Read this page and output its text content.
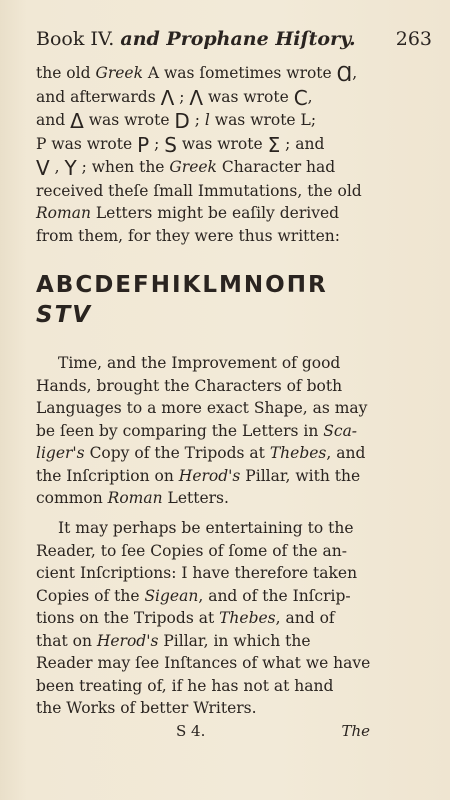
Book IV. and Prophane Hiſtory. 263
the old Greek A was ſometimes wrote Ɑ,
and afterwards Λ ; Λ was wrote C,
and Δ was wrote D ; l was wrote L;
P was wrote P ; S was wrote Σ ; and
V , Y ; when the Greek Character had
received theſe ſmall Immutations, the old
Roman Letters might be eaſily derived
from them, for they were thus written:
ABCDEFHIKLMNOΠR
STV
Time, and the Improvement of good
Hands, brought the Characters of both
Languages to a more exact Shape, as may
be ſeen by comparing the Letters in Sca-
liger's Copy of the Tripods at Thebes, and
the Inſcription on Herod's Pillar, with the
common Roman Letters.
It may perhaps be entertaining to the
Reader, to ſee Copies of ſome of the an-
cient Inſcriptions: I have therefore taken
Copies of the Sigean, and of the Inſcrip-
tions on the Tripods at Thebes, and of
that on Herod's Pillar, in which the
Reader may ſee Inſtances of what we have
been treating of, if he has not at hand
the Works of better Writers.
S 4.	The
